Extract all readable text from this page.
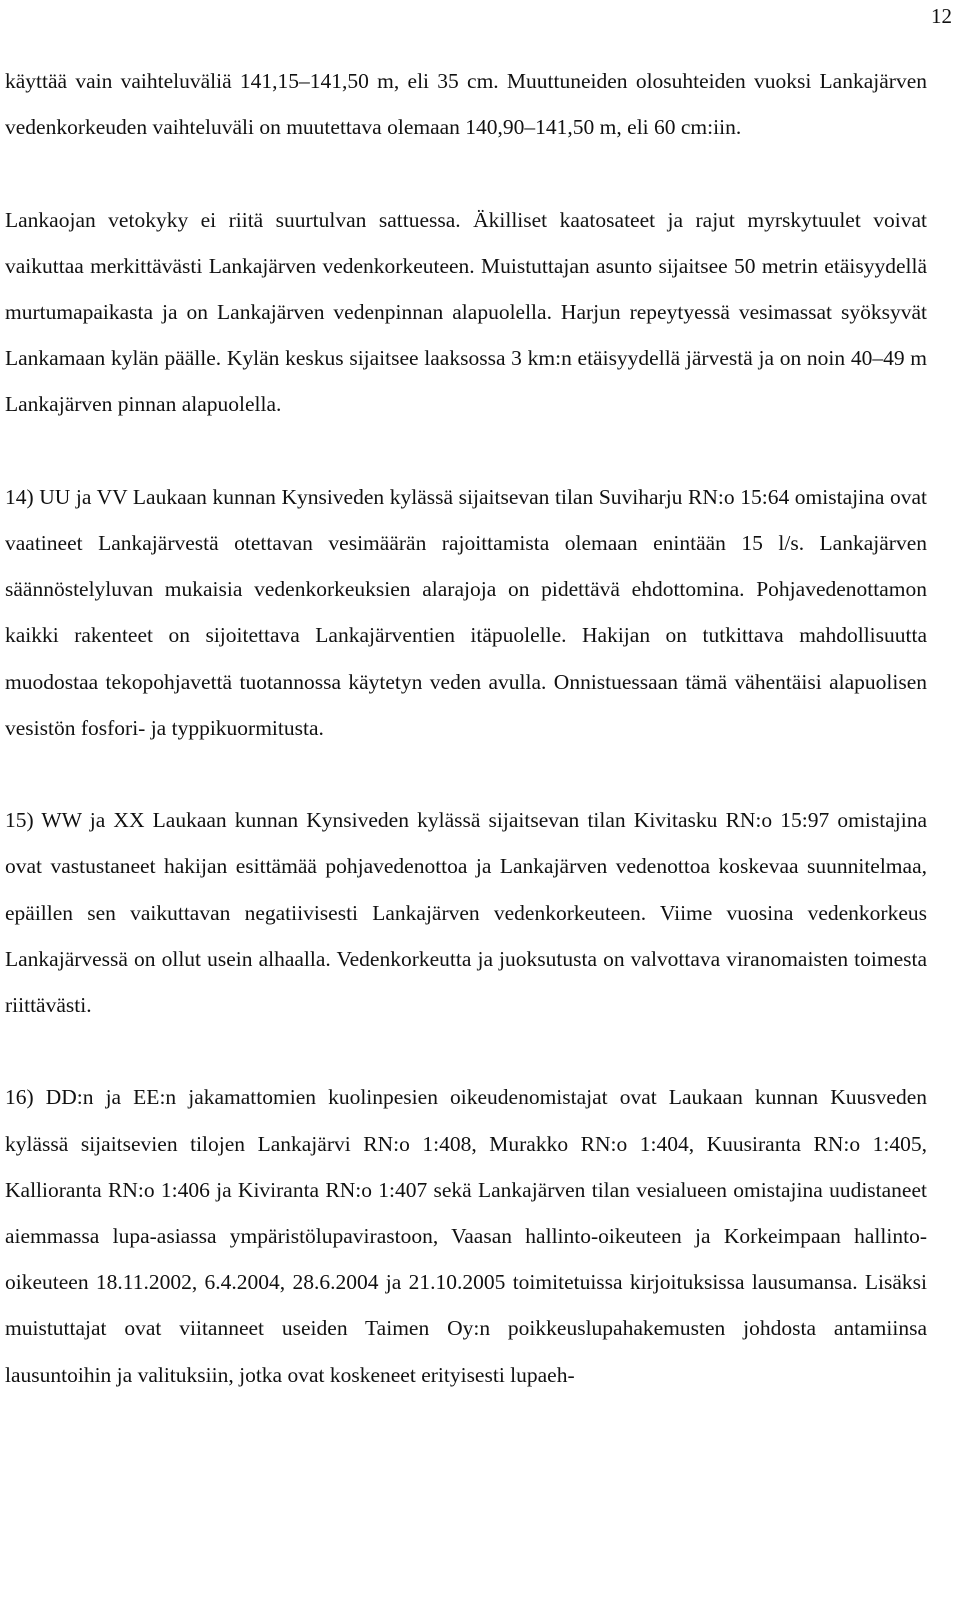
12

käyttää vain vaihteluväliä 141,15–141,50 m, eli 35 cm. Muuttuneiden olosuhteiden vuoksi Lankajärven vedenkorkeuden vaihteluväli on muutettava olemaan 140,90–141,50 m, eli 60 cm:iin.

Lankaojan vetokyky ei riitä suurtulvan sattuessa. Äkilliset kaatosateet ja rajut myrskytuulet voivat vaikuttaa merkittävästi Lankajärven vedenkorkeuteen. Muistuttajan asunto sijaitsee 50 metrin etäisyydellä murtumapaikasta ja on Lankajärven vedenpinnan alapuolella. Harjun repeytyessä vesimassat syöksyvät Lankamaan kylän päälle. Kylän keskus sijaitsee laaksossa 3 km:n etäisyydellä järvestä ja on noin 40–49 m Lankajärven pinnan alapuolella.

14) UU ja VV Laukaan kunnan Kynsiveden kylässä sijaitsevan tilan Suviharju RN:o 15:64 omistajina ovat vaatineet Lankajärvestä otettavan vesimäärän rajoittamista olemaan enintään 15 l/s. Lankajärven säännöstelyluvan mukaisia vedenkorkeuksien alarajoja on pidettävä ehdottomina. Pohjavedenottamon kaikki rakenteet on sijoitettava Lankajärventien itäpuolelle. Hakijan on tutkittava mahdollisuutta muodostaa tekopohjavettä tuotannossa käytetyn veden avulla. Onnistuessaan tämä vähentäisi alapuolisen vesistön fosfori- ja typpikuormitusta.

15) WW ja XX Laukaan kunnan Kynsiveden kylässä sijaitsevan tilan Kivitasku RN:o 15:97 omistajina ovat vastustaneet hakijan esittämää pohjavedenottoa ja Lankajärven vedenottoa koskevaa suunnitelmaa, epäillen sen vaikuttavan negatiivisesti Lankajärven vedenkorkeuteen. Viime vuosina vedenkorkeus Lankajärvessä on ollut usein alhaalla. Vedenkorkeutta ja juoksutusta on valvottava viranomaisten toimesta riittävästi.

16) DD:n ja EE:n jakamattomien kuolinpesien oikeudenomistajat ovat Laukaan kunnan Kuusveden kylässä sijaitsevien tilojen Lankajärvi RN:o 1:408, Murakko RN:o 1:404, Kuusiranta RN:o 1:405, Kallioranta RN:o 1:406 ja Kiviranta RN:o 1:407 sekä Lankajärven tilan vesialueen omistajina uudistaneet aiemmassa lupa-asiassa ympäristölupavirastoon, Vaasan hallinto-oikeuteen ja Korkeimpaan hallinto-oikeuteen 18.11.2002, 6.4.2004, 28.6.2004 ja 21.10.2005 toimitetuissa kirjoituksissa lausumansa. Lisäksi muistuttajat ovat viitanneet useiden Taimen Oy:n poikkeuslupahakemusten johdosta antamiinsa lausuntoihin ja valituksiin, jotka ovat koskeneet erityisesti lupaeh-
